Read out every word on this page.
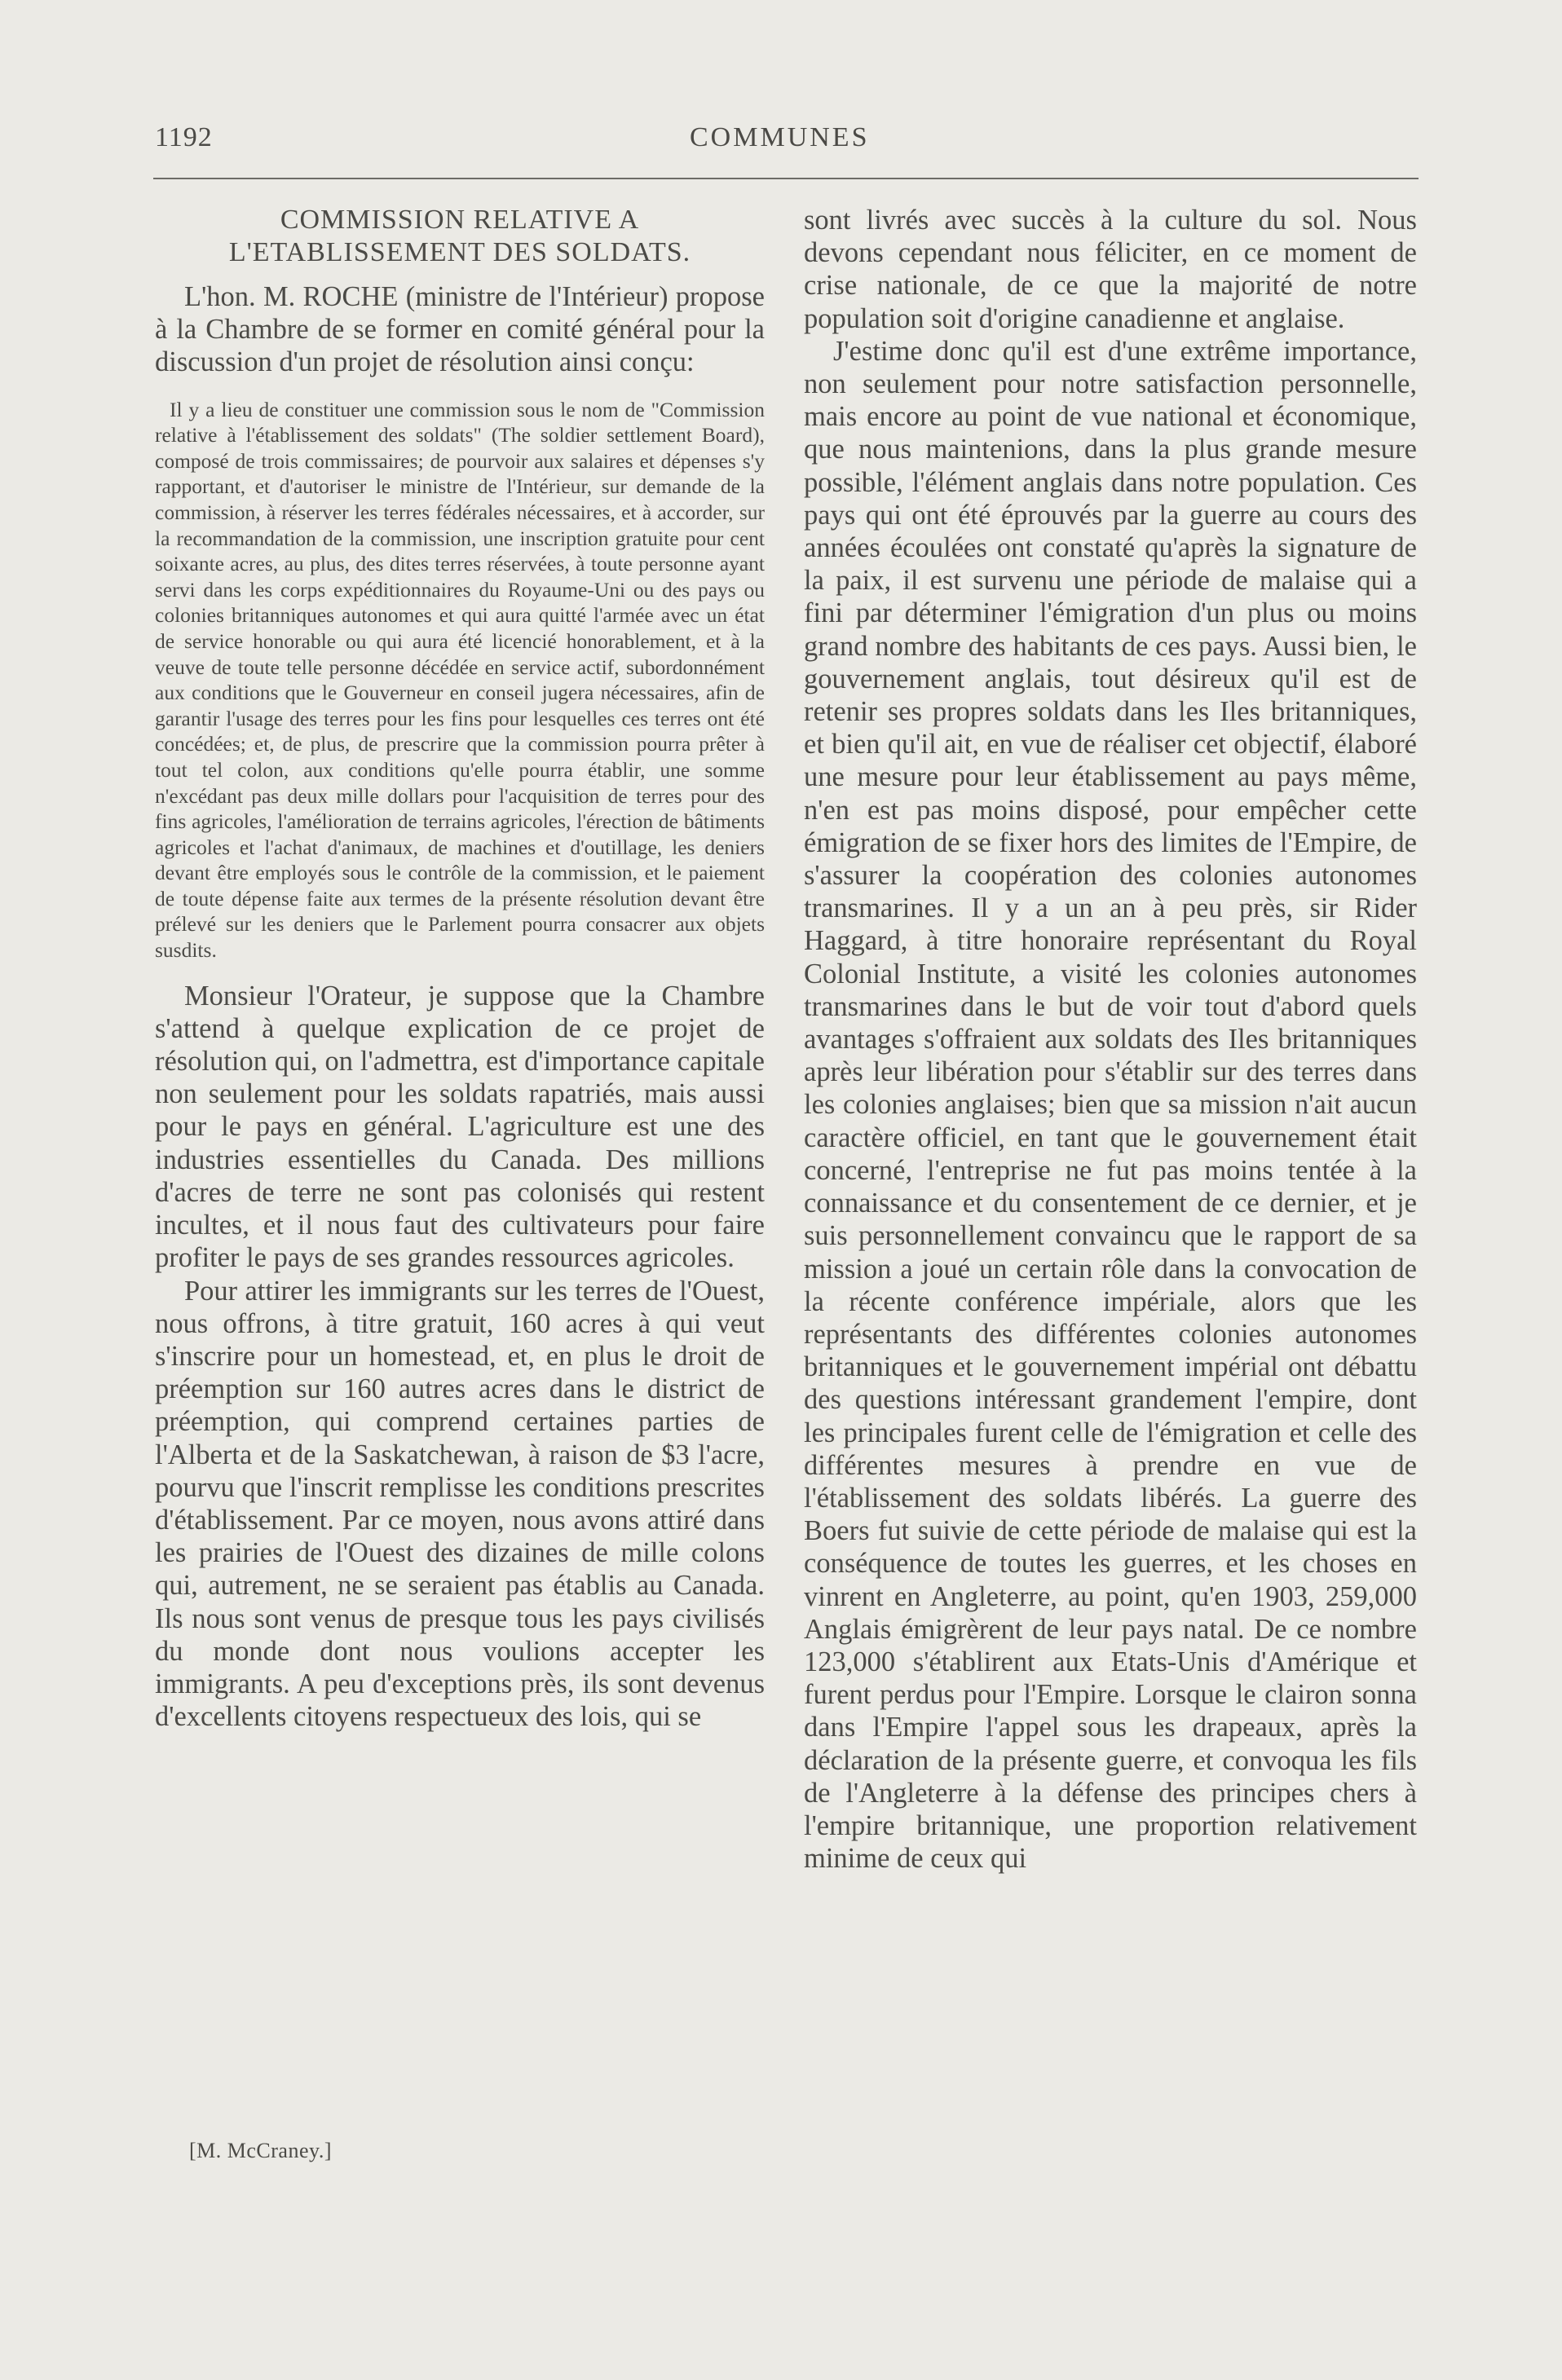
1192	COMMUNES
COMMISSION RELATIVE A L'ETABLISSEMENT DES SOLDATS.

L'hon. M. ROCHE (ministre de l'Intérieur) propose à la Chambre de se former en comité général pour la discussion d'un projet de résolution ainsi conçu:

Il y a lieu de constituer une commission sous le nom de "Commission relative à l'établissement des soldats" (The soldier settlement Board), composé de trois commissaires; de pourvoir aux salaires et dépenses s'y rapportant, et d'autoriser le ministre de l'Intérieur, sur demande de la commission, à réserver les terres fédérales nécessaires, et à accorder, sur la recommandation de la commission, une inscription gratuite pour cent soixante acres, au plus, des dites terres réservées, à toute personne ayant servi dans les corps expéditionnaires du Royaume-Uni ou des pays ou colonies britanniques autonomes et qui aura quitté l'armée avec un état de service honorable ou qui aura été licencié honorablement, et à la veuve de toute telle personne décédée en service actif, subordonnément aux conditions que le Gouverneur en conseil jugera nécessaires, afin de garantir l'usage des terres pour les fins pour lesquelles ces terres ont été concédées; et, de plus, de prescrire que la commission pourra prêter à tout tel colon, aux conditions qu'elle pourra établir, une somme n'excédant pas deux mille dollars pour l'acquisition de terres pour des fins agricoles, l'amélioration de terrains agricoles, l'érection de bâtiments agricoles et l'achat d'animaux, de machines et d'outillage, les deniers devant être employés sous le contrôle de la commission, et le paiement de toute dépense faite aux termes de la présente résolution devant être prélevé sur les deniers que le Parlement pourra consacrer aux objets susdits.

Monsieur l'Orateur, je suppose que la Chambre s'attend à quelque explication de ce projet de résolution qui, on l'admettra, est d'importance capitale non seulement pour les soldats rapatriés, mais aussi pour le pays en général. L'agriculture est une des industries essentielles du Canada. Des millions d'acres de terre ne sont pas colonisés qui restent incultes, et il nous faut des cultivateurs pour faire profiter le pays de ses grandes ressources agricoles.

Pour attirer les immigrants sur les terres de l'Ouest, nous offrons, à titre gratuit, 160 acres à qui veut s'inscrire pour un homestead, et, en plus le droit de préemption sur 160 autres acres dans le district de préemption, qui comprend certaines parties de l'Alberta et de la Saskatchewan, à raison de $3 l'acre, pourvu que l'inscrit remplisse les conditions prescrites d'établissement. Par ce moyen, nous avons attiré dans les prairies de l'Ouest des dizaines de mille colons qui, autrement, ne se seraient pas établis au Canada. Ils nous sont venus de presque tous les pays civilisés du monde dont nous voulions accepter les immigrants. A peu d'exceptions près, ils sont devenus d'excellents citoyens respectueux des lois, qui se

sont livrés avec succès à la culture du sol. Nous devons cependant nous féliciter, en ce moment de crise nationale, de ce que la majorité de notre population soit d'origine canadienne et anglaise.

J'estime donc qu'il est d'une extrême importance, non seulement pour notre satisfaction personnelle, mais encore au point de vue national et économique, que nous maintenions, dans la plus grande mesure possible, l'élément anglais dans notre population. Ces pays qui ont été éprouvés par la guerre au cours des années écoulées ont constaté qu'après la signature de la paix, il est survenu une période de malaise qui a fini par déterminer l'émigration d'un plus ou moins grand nombre des habitants de ces pays. Aussi bien, le gouvernement anglais, tout désireux qu'il est de retenir ses propres soldats dans les Iles britanniques, et bien qu'il ait, en vue de réaliser cet objectif, élaboré une mesure pour leur établissement au pays même, n'en est pas moins disposé, pour empêcher cette émigration de se fixer hors des limites de l'Empire, de s'assurer la coopération des colonies autonomes transmarines. Il y a un an à peu près, sir Rider Haggard, à titre honoraire représentant du Royal Colonial Institute, a visité les colonies autonomes transmarines dans le but de voir tout d'abord quels avantages s'offraient aux soldats des Iles britanniques après leur libération pour s'établir sur des terres dans les colonies anglaises; bien que sa mission n'ait aucun caractère officiel, en tant que le gouvernement était concerné, l'entreprise ne fut pas moins tentée à la connaissance et du consentement de ce dernier, et je suis personnellement convaincu que le rapport de sa mission a joué un certain rôle dans la convocation de la récente conférence impériale, alors que les représentants des différentes colonies autonomes britanniques et le gouvernement impérial ont débattu des questions intéressant grandement l'empire, dont les principales furent celle de l'émigration et celle des différentes mesures à prendre en vue de l'établissement des soldats libérés. La guerre des Boers fut suivie de cette période de malaise qui est la conséquence de toutes les guerres, et les choses en vinrent en Angleterre, au point, qu'en 1903, 259,000 Anglais émigrèrent de leur pays natal. De ce nombre 123,000 s'établirent aux Etats-Unis d'Amérique et furent perdus pour l'Empire. Lorsque le clairon sonna dans l'Empire l'appel sous les drapeaux, après la déclaration de la présente guerre, et convoqua les fils de l'Angleterre à la défense des principes chers à l'empire britannique, une proportion relativement minime de ceux qui

[M. McCraney.]
